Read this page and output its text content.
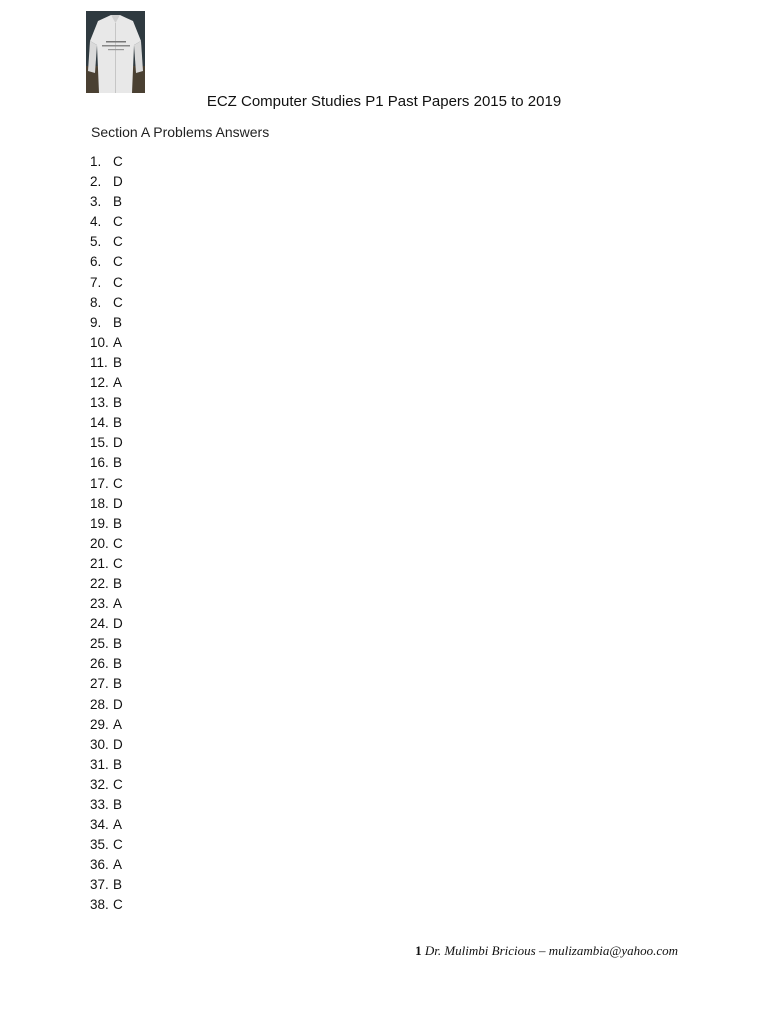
ECZ Computer Studies P1 Past Papers 2015 to 2019
Section A Problems Answers
1. C
2. D
3. B
4. C
5. C
6. C
7. C
8. C
9. B
10. A
11. B
12. A
13. B
14. B
15. D
16. B
17. C
18. D
19. B
20. C
21. C
22. B
23. A
24. D
25. B
26. B
27. B
28. D
29. A
30. D
31. B
32. C
33. B
34. A
35. C
36. A
37. B
38. C
1 Dr. Mulimbi Bricious – mulizambia@yahoo.com
